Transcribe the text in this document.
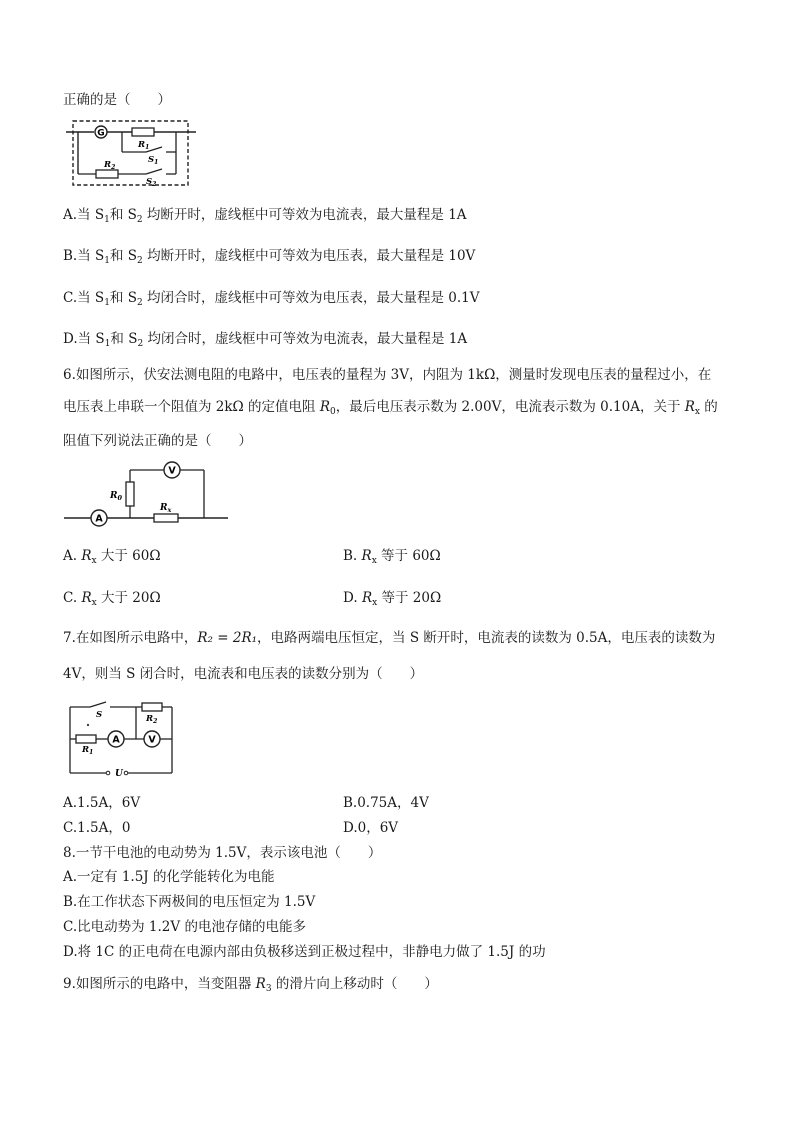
正确的是（　　）
G
$R_1$
$S_1$
$R_2$
$S_2$
A.当 $S_1$和 $S_2$ 均断开时，虚线框中可等效为电流表，最大量程是 1A
B.当 $S_1$和 $S_2$ 均断开时，虚线框中可等效为电压表，最大量程是 10V
C.当 $S_1$和 $S_2$ 均闭合时，虚线框中可等效为电压表，最大量程是 0.1V
D.当 $S_1$和 $S_2$ 均闭合时，虚线框中可等效为电流表，最大量程是 1A
6.如图所示，伏安法测电阻的电路中，电压表的量程为 3V，内阻为 1kΩ，测量时发现电压表的量程过小，在
电压表上串联一个阻值为 2kΩ 的定值电阻 $R_0$，最后电压表示数为 2.00V，电流表示数为 0.10A，关于 $R_x$ 的
阻值下列说法正确的是（　　）
A
$R_x$
$R_0$
V
A. $R_x$ 大于 60Ω	B. $R_x$ 等于 60Ω
C. $R_x$ 大于 20Ω	D. $R_x$ 等于 20Ω
7.在如图所示电路中，R₂ = 2R₁，电路两端电压恒定，当 S 断开时，电流表的读数为 0.5A，电压表的读数为
4V，则当 S 闭合时，电流表和电压表的读数分别为（　　）
S	$R_2$
$R_1$
A	V
U
A.1.5A，6V	B.0.75A，4V
C.1.5A，0	D.0，6V
8.一节干电池的电动势为 1.5V，表示该电池（　　）
A.一定有 1.5J 的化学能转化为电能
B.在工作状态下两极间的电压恒定为 1.5V
C.比电动势为 1.2V 的电池存储的电能多
D.将 1C 的正电荷在电源内部由负极移送到正极过程中，非静电力做了 1.5J 的功
9.如图所示的电路中，当变阻器 $R_3$ 的滑片向上移动时（　　）
